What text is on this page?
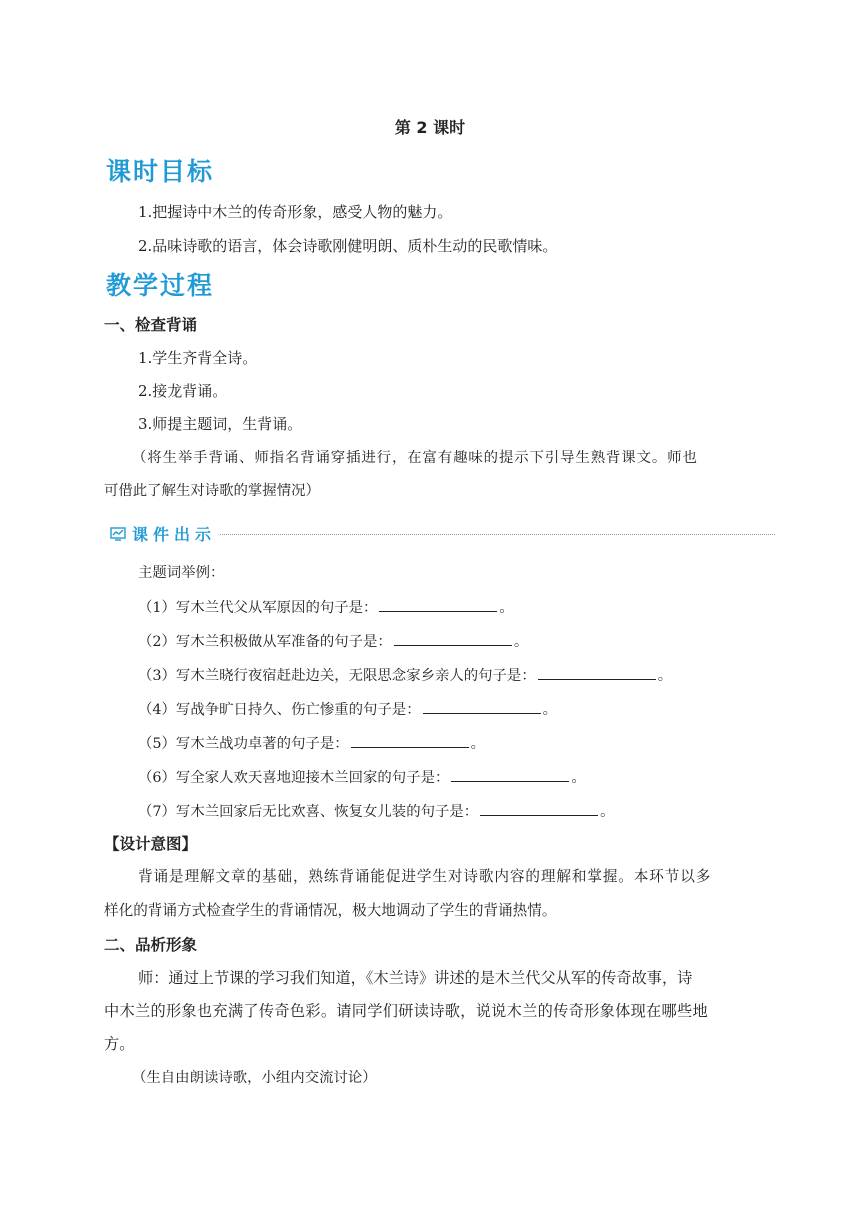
第 2 课时
课时目标
1.把握诗中木兰的传奇形象，感受人物的魅力。
2.品味诗歌的语言，体会诗歌刚健明朗、质朴生动的民歌情味。
教学过程
一、检查背诵
1.学生齐背全诗。
2.接龙背诵。
3.师提主题词，生背诵。
（将生举手背诵、师指名背诵穿插进行，在富有趣味的提示下引导生熟背课文。师也
可借此了解生对诗歌的掌握情况）
课件出示
主题词举例：
（1）写木兰代父从军原因的句子是：	。
（2）写木兰积极做从军准备的句子是：	。
（3）写木兰晓行夜宿赶赴边关，无限思念家乡亲人的句子是：	。
（4）写战争旷日持久、伤亡惨重的句子是：	。
（5）写木兰战功卓著的句子是：	。
（6）写全家人欢天喜地迎接木兰回家的句子是：	。
（7）写木兰回家后无比欢喜、恢复女儿装的句子是：	。
【设计意图】
背诵是理解文章的基础，熟练背诵能促进学生对诗歌内容的理解和掌握。本环节以多
样化的背诵方式检查学生的背诵情况，极大地调动了学生的背诵热情。
二、品析形象
师：通过上节课的学习我们知道，《木兰诗》讲述的是木兰代父从军的传奇故事，诗
中木兰的形象也充满了传奇色彩。请同学们研读诗歌，说说木兰的传奇形象体现在哪些地
方。
（生自由朗读诗歌，小组内交流讨论）
